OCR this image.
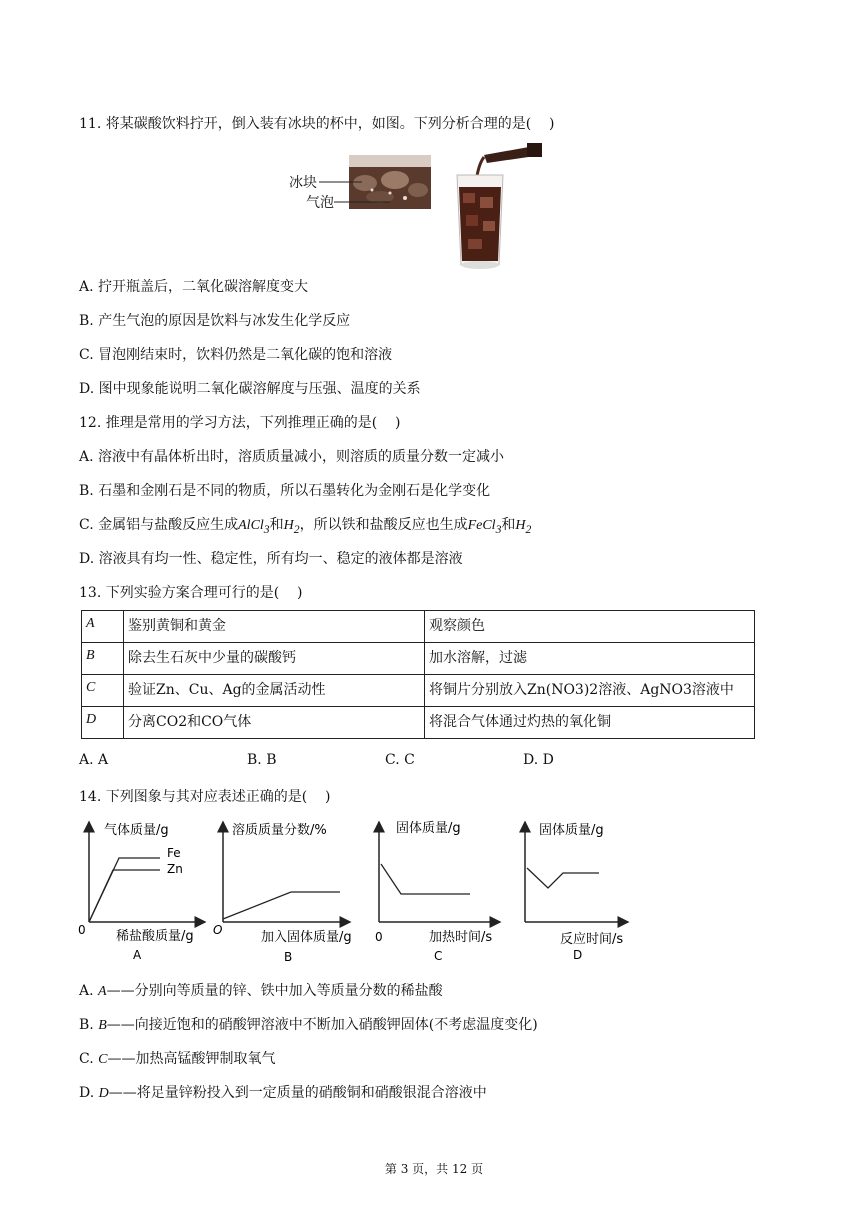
11. 将某碳酸饮料拧开，倒入装有冰块的杯中，如图。下列分析合理的是(    )
冰块
气泡
A. 拧开瓶盖后，二氧化碳溶解度变大
B. 产生气泡的原因是饮料与冰发生化学反应
C. 冒泡刚结束时，饮料仍然是二氧化碳的饱和溶液
D. 图中现象能说明二氧化碳溶解度与压强、温度的关系
12. 推理是常用的学习方法，下列推理正确的是(    )
A. 溶液中有晶体析出时，溶质质量减小，则溶质的质量分数一定减小
B. 石墨和金刚石是不同的物质，所以石墨转化为金刚石是化学变化
C. 金属铝与盐酸反应生成AlCl$_3$和$H_2$，所以铁和盐酸反应也生成FeCl$_3$和$H_2$
D. 溶液具有均一性、稳定性，所有均一、稳定的液体都是溶液
13. 下列实验方案合理可行的是(    )
A	鉴别黄铜和黄金	观察颜色
B	除去生石灰中少量的碳酸钙	加水溶解，过滤
C	验证Zn、Cu、Ag的金属活动性	将铜片分别放入Zn(NO3)2溶液、AgNO3溶液中
D	分离CO2和CO气体	将混合气体通过灼热的氧化铜
A. A	B. B	C. C	D. D
14. 下列图象与其对应表述正确的是(    )
气体质量/g
Fe
Zn
0 稀盐酸质量/g
A
溶质质量分数/%
O	加入固体质量/g
B
固体质量/g
0	加热时间/s
C
固体质量/g
反应时间/s
D
A. A——分别向等质量的锌、铁中加入等质量分数的稀盐酸
B. B——向接近饱和的硝酸钾溶液中不断加入硝酸钾固体(不考虑温度变化)
C. C——加热高锰酸钾制取氧气
D. D——将足量锌粉投入到一定质量的硝酸铜和硝酸银混合溶液中
第 3 页，共 12 页
